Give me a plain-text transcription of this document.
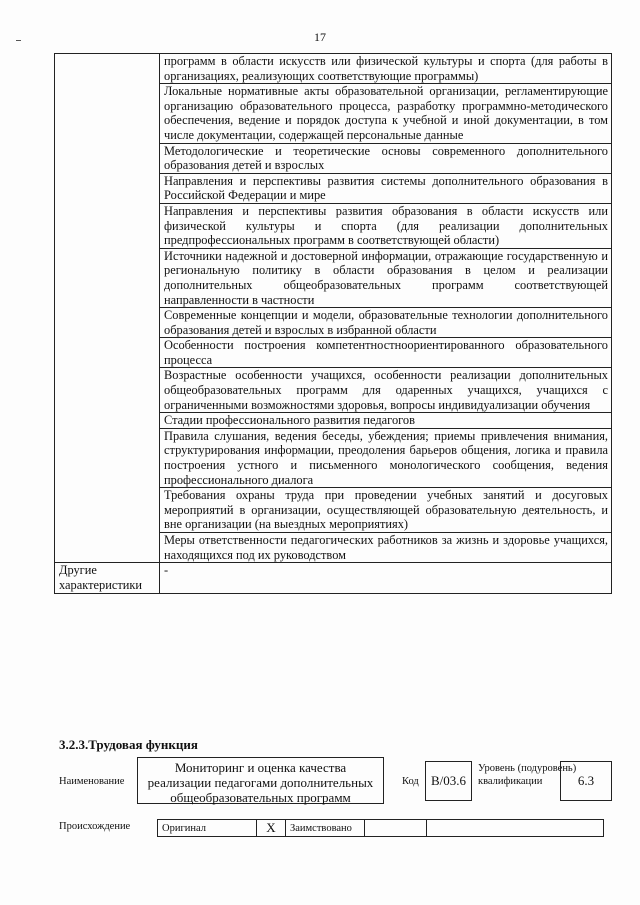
17
	программ в области искусств или физической культуры и спорта (для работы в организациях, реализующих соответствующие программы)
	Локальные нормативные акты образовательной организации, регламентирующие организацию образовательного процесса, разработку программно-методического обеспечения, ведение и порядок доступа к учебной и иной документации, в том числе документации, содержащей персональные данные
	Методологические и теоретические основы современного дополнительного образования детей и взрослых
	Направления и перспективы развития системы дополнительного образования в Российской Федерации и мире
	Направления и перспективы развития образования в области искусств или физической культуры и спорта (для реализации дополнительных предпрофессиональных программ в соответствующей области)
	Источники надежной и достоверной информации, отражающие государственную и региональную политику в области образования в целом и реализации дополнительных общеобразовательных программ соответствующей направленности в частности
	Современные концепции и модели, образовательные технологии дополнительного образования детей и взрослых в избранной области
	Особенности построения компетентностноориентированного образовательного процесса
	Возрастные особенности учащихся, особенности реализации дополнительных общеобразовательных программ для одаренных учащихся, учащихся с ограниченными возможностями здоровья, вопросы индивидуализации обучения
	Стадии профессионального развития педагогов
	Правила слушания, ведения беседы, убеждения; приемы привлечения внимания, структурирования информации, преодоления барьеров общения, логика и правила построения устного и письменного монологического сообщения, ведения профессионального диалога
	Требования охраны труда при проведении учебных занятий и досуговых мероприятий в организации, осуществляющей образовательную деятельность, и вне организации (на выездных мероприятиях)
	Меры ответственности педагогических работников за жизнь и здоровье учащихся, находящихся под их руководством
Другие характеристики	-
3.2.3.Трудовая функция
Наименование
Мониторинг и оценка качества реализации педагогами дополнительных общеобразовательных программ
Код В/03.6
Уровень (подуровень) квалификации	6.3
Происхождение	Оригинал	X	Заимствовано		
